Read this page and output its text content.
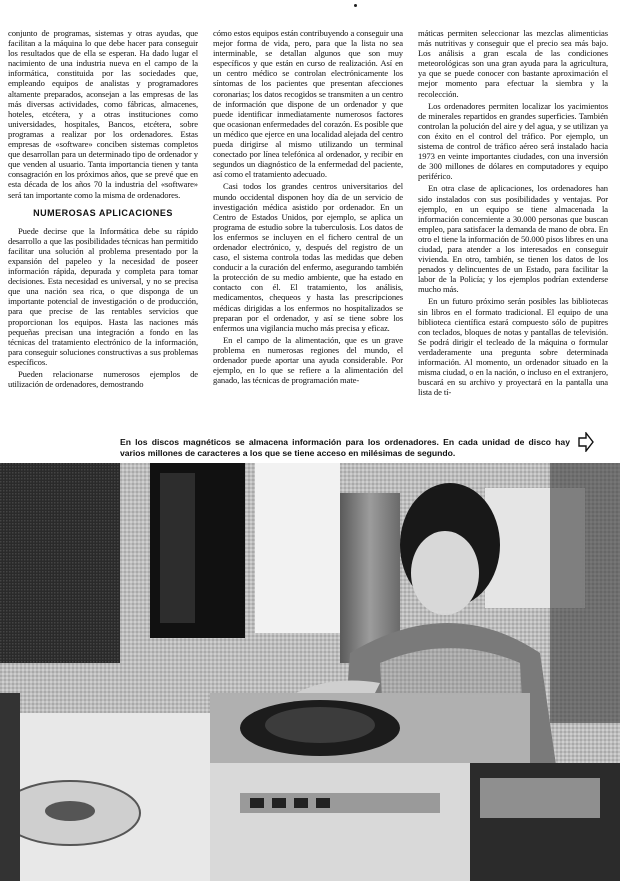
conjunto de programas, sistemas y otras ayudas, que facilitan a la máquina lo que debe hacer para conseguir los resultados que de ella se esperan. Ha dado lugar el nacimiento de una industria nueva en el campo de la informática, constituida por las sociedades que, empleando equipos de analistas y programadores altamente preparados, aconsejan a las empresas de las más diversas actividades, como fábricas, almacenes, hoteles, etcétera, y a otras instituciones como universidades, hospitales, Bancos, etcétera, sobre programas a realizar por los ordenadores. Estas empresas de «software» conciben sistemas completos que desarrollan para un determinado tipo de ordenador y que venden al usuario. Tanta importancia tienen y tanta consagración en los próximos años, que se prevé que en esta década de los años 70 la industria del «software» será tan importante como la misma de ordenadores.

NUMEROSAS APLICACIONES

Puede decirse que la Informática debe su rápido desarrollo a que las posibilidades técnicas han permitido facilitar una solución al problema presentado por la expansión del papeleo y la necesidad de poseer información rápida, depurada y completa para tomar decisiones. Esta necesidad es universal, y no se precisa que una nación sea rica, o que disponga de un importante potencial de investigación o de producción, para que precise de las rentables servicios que proporcionan los equipos. Hasta las naciones más pequeñas precisan una integración a fondo en las técnicas del tratamiento electrónico de la información, para conseguir soluciones constructivas a sus problemas específicos.

Pueden relacionarse numerosos ejemplos de utilización de ordenadores, demostrando

cómo estos equipos están contribuyendo a conseguir una mejor forma de vida, pero, para que la lista no sea interminable, se detallan algunos que son muy específicos y que están en curso de realización. Así en un centro médico se controlan electrónicamente los síntomas de los pacientes que presentan afecciones coronarias; los datos recogidos se transmiten a un centro de información que dispone de un ordenador y que puede identificar inmediatamente numerosos factores que ocasionan enfermedades del corazón. Es posible que un médico que ejerce en una localidad alejada del centro pueda dirigirse al mismo utilizando un terminal conectado por línea telefónica al ordenador, y recibir en segundos un diagnóstico de la enfermedad del paciente, así como el tratamiento adecuado.

Casi todos los grandes centros universitarios del mundo occidental disponen hoy día de un servicio de investigación médica asistido por ordenador. En un Centro de Estados Unidos, por ejemplo, se aplica un programa de estudio sobre la tuberculosis. Los datos de los enfermos se incluyen en el fichero central de un ordenador electrónico, y, después del registro de un caso, el sistema controla todas las medidas que deben conducir a la curación del enfermo, asegurando también la protección de su medio ambiente, que ha estado en contacto con él. El tratamiento, los análisis, medicamentos, chequeos y hasta las prescripciones médicas dirigidas a los enfermos no hospitalizados se preparan por el ordenador, y así se tiene sobre los enfermos una vigilancia mucho más precisa y eficaz.

En el campo de la alimentación, que es un grave problema en numerosas regiones del mundo, el ordenador puede aportar una ayuda considerable. Por ejemplo, en lo que se refiere a la alimentación del ganado, las técnicas de programación mate-

máticas permiten seleccionar las mezclas alimenticias más nutritivas y conseguir que el precio sea más bajo. Los análisis a gran escala de las condiciones meteorológicas son una gran ayuda para la agricultura, ya que se puede conocer con bastante aproximación el mejor momento para efectuar la siembra y la recolección.

Los ordenadores permiten localizar los yacimientos de minerales repartidos en grandes superficies. También controlan la polución del aire y del agua, y se utilizan ya con éxito en el control del tráfico. Por ejemplo, un sistema de control de tráfico aéreo será instalado hacia 1973 en veinte importantes ciudades, con una inversión de 300 millones de dólares en computadores y equipo periférico.

En otra clase de aplicaciones, los ordenadores han sido instalados con sus posibilidades y ventajas. Por ejemplo, en un equipo se tiene almacenada la información concerniente a 30.000 personas que buscan empleo, para satisfacer la demanda de mano de obra. En otro el tiene la información de 50.000 pisos libres en una ciudad, para atender a los interesados en conseguir vivienda. En otro, también, se tienen los datos de los penados y delincuentes de un Estado, para facilitar la labor de la Policía; y los ejemplos podrían extenderse mucho más.

En un futuro próximo serán posibles las bibliotecas sin libros en el formato tradicional. El equipo de una biblioteca científica estará compuesto sólo de pupitres con teclados, bloques de notas y pantallas de televisión. Se podrá dirigir el tecleado de la máquina o formular verdaderamente una pregunta sobre determinada información. Al momento, un ordenador situado en la misma ciudad, o en la nación, o incluso en el extranjero, buscará en su archivo y proyectará en la pantalla una lista de tí-

En los discos magnéticos se almacena información para los ordenadores. En cada unidad de disco hay varios millones de caracteres a los que se tiene acceso en milésimas de segundo.
